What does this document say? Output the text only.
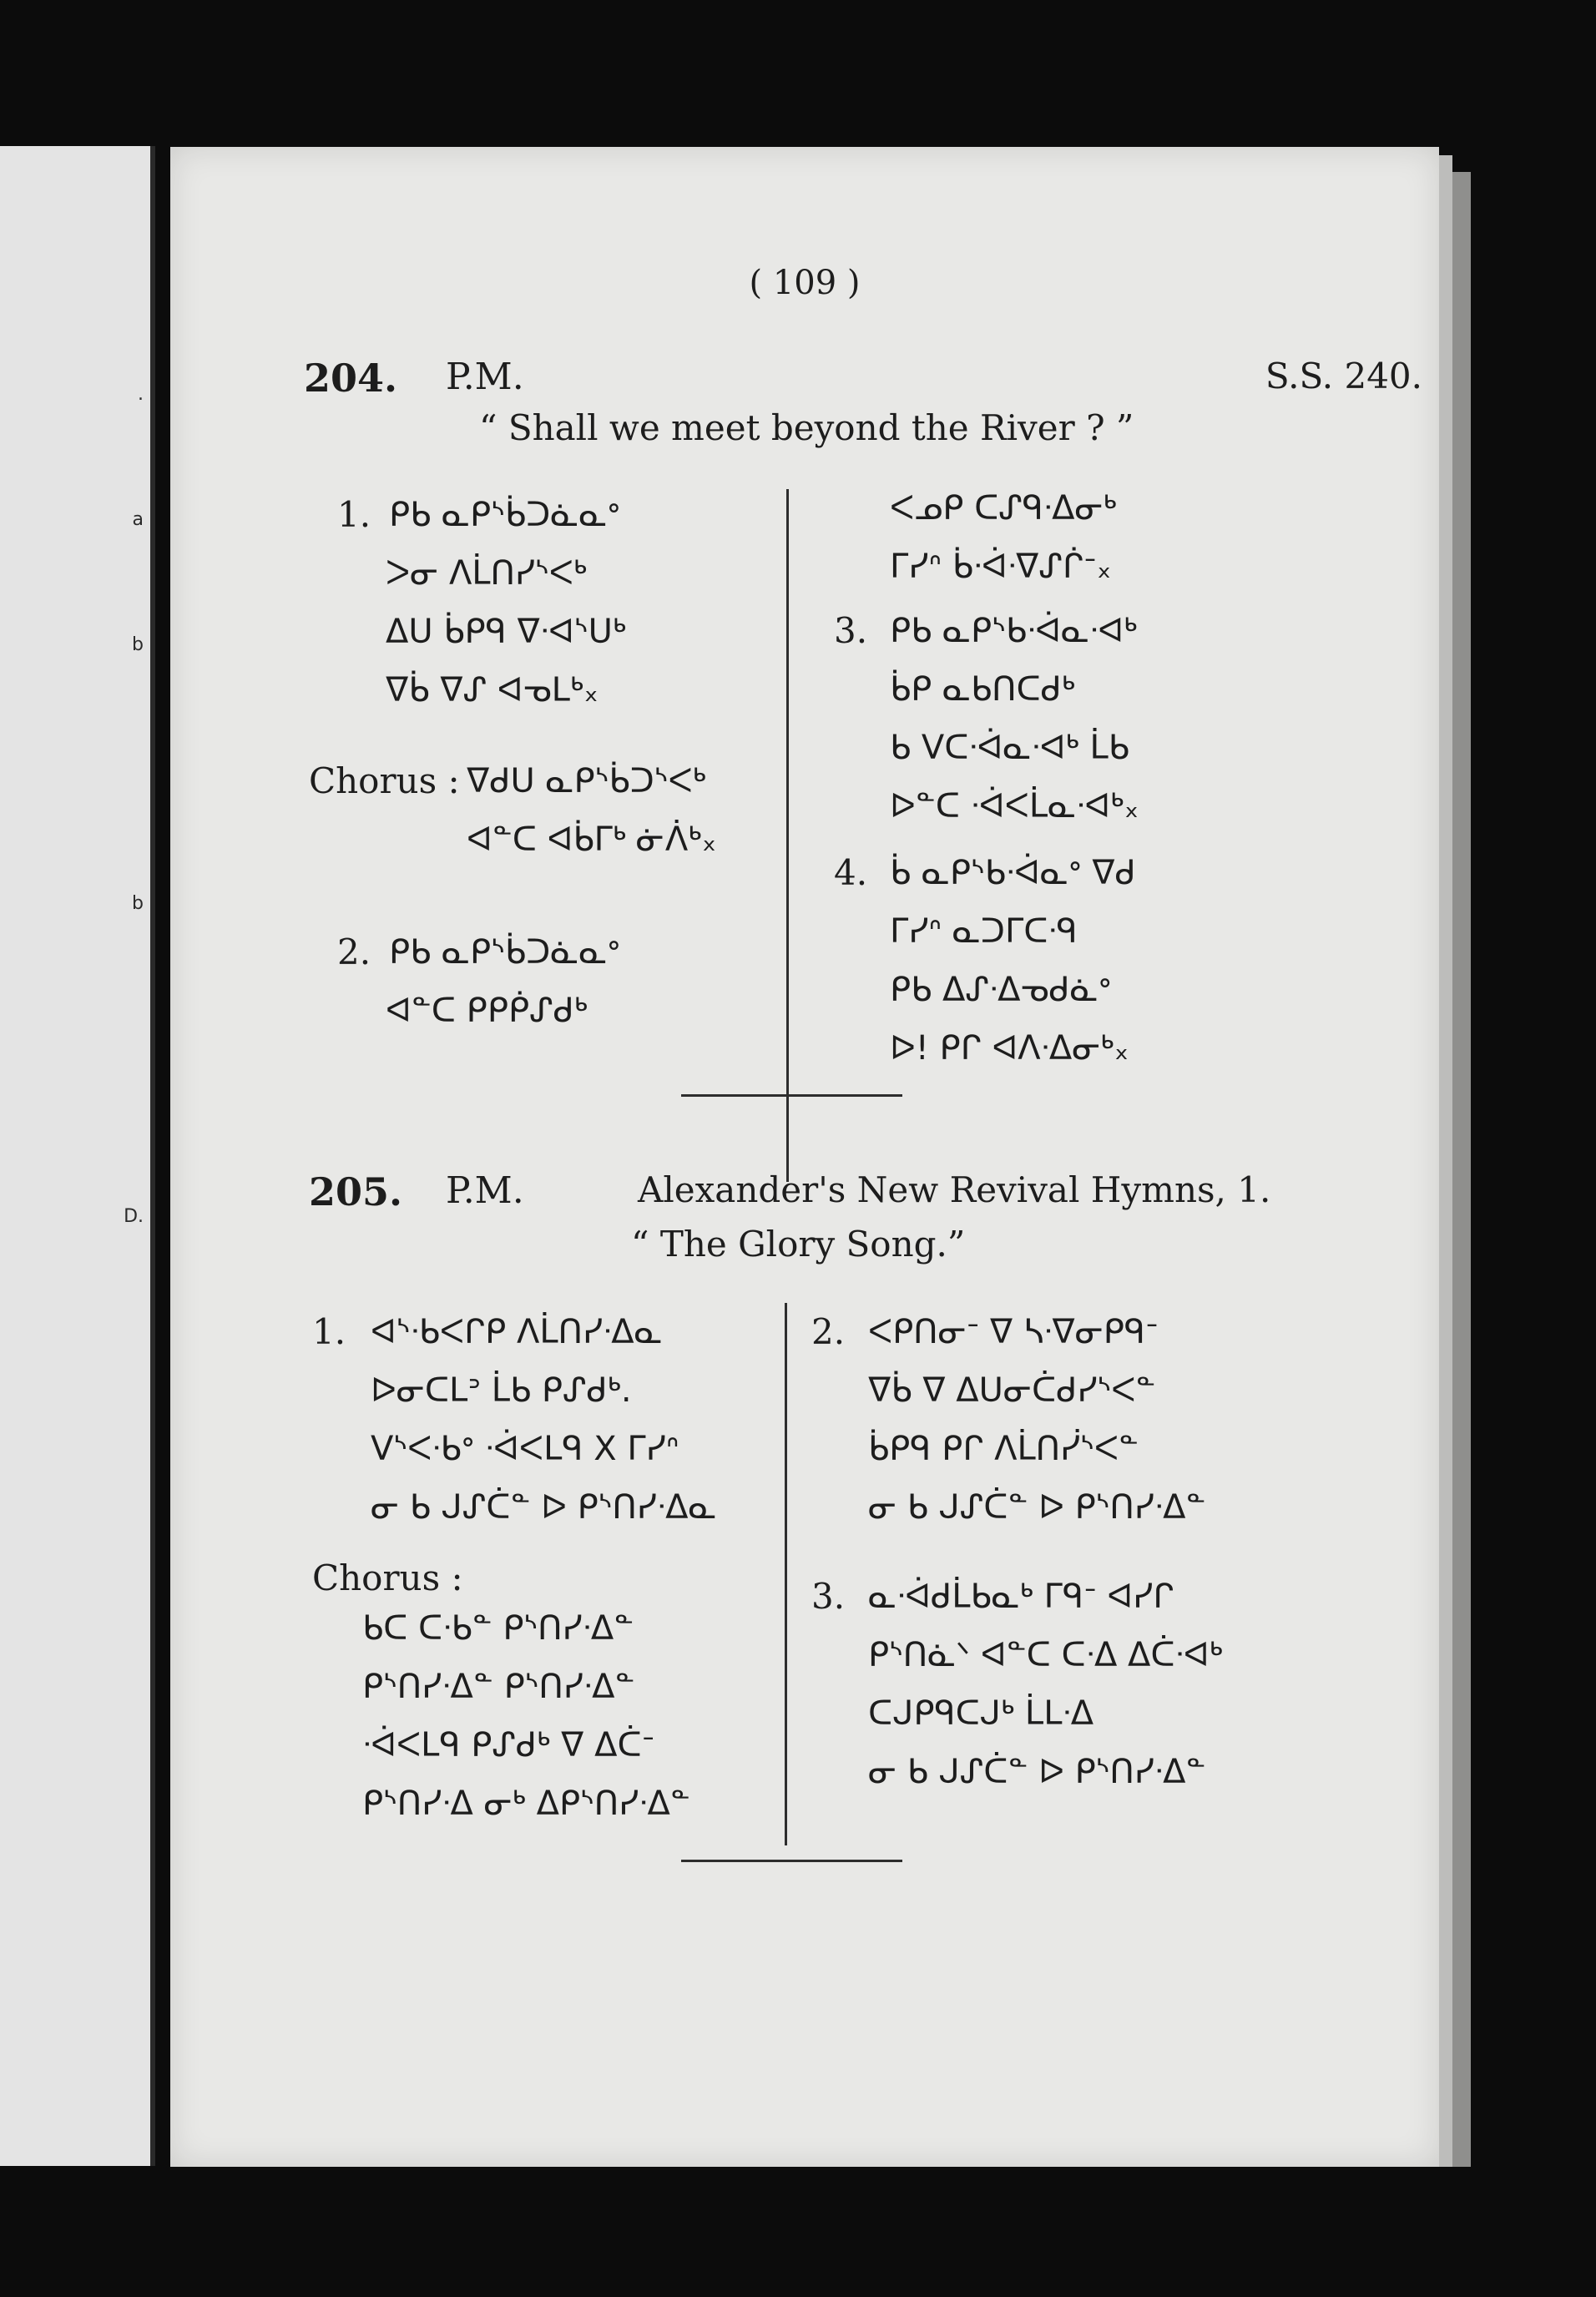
.
a
b
b
D.
( 109 )
204. P.M.	S.S. 240.
“ Shall we meet beyond the River ? ”
1. ᑭᑲ ᓇᑭᔅᑳᑐᓈᓇᐤ
ᐳᓂ ᐱᒫᑎᓯᔅᐸᒃ
ᐃᑌ ᑳᑭᑫ ᐁᐧᐊᔅᑌᒃ
ᐁᑳ ᐁᔑ ᐊᓀᒪᒃₓ
Chorus : ᐁᑯᑌ ᓇᑭᔅᑳᑐᔅᐸᒃ
ᐊᓐᑕ ᐊᑳᒥᒃ ᓃᐲᒃₓ
2. ᑭᑲ ᓇᑭᔅᑳᑐᓈᓇᐤ
ᐊᓐᑕ ᑭᑭᑮᔑᑯᒃ
ᐸᓄᑭ ᑕᔑᑫᐧᐃᓂᒃ
ᒥᓯᐢ ᑳᐧᐋᐧᐁᔑᒌᐨₓ
3. ᑭᑲ ᓇᑭᔅᑲᐧᐋᓇᐧᐊᒃ
ᑳᑭ ᓇᑲᑎᑕᑯᒃ
ᑲ ᐯᑕᐧᐋᓇᐧᐊᒃ ᒫᑲ
ᐅᓐᑕ ᐧᐋᐸᒫᓇᐧᐊᒃₓ
4. ᑳ ᓇᑭᔅᑲᐧᐋᓇᐤ ᐁᑯ
ᒥᓯᐢ ᓇᑐᒥᑕᐧᑫ
ᑭᑲ ᐃᔑᐧᐃᓀᑯᓈᐤ
ᐅ! ᑭᒋ ᐊᐱᐧᐃᓂᒃₓ
205. P.M.	Alexander's New Revival Hymns, 1.
“ The Glory Song.”
1. ᐊᔅᐧᑲᐸᒋᑭ ᐱᒫᑎᓯᐧᐃᓇ
ᐅᓂᑕᒪᐣ ᒫᑲ ᑭᔑᑯᒃ.
ᐯᔅᐸᐧᑲᐤ ᐧᐋᐸᒪᑫ X ᒥᓯᐢ
ᓂ ᑲ ᒍᔑᑖᓐ ᐅ ᑭᔅᑎᓯᐧᐃᓇ
Chorus :
ᑲᑕ ᑕᐧᑲᓐ ᑭᔅᑎᓯᐧᐃᓐ
ᑭᔅᑎᓯᐧᐃᓐ ᑭᔅᑎᓯᐧᐃᓐ
ᐧᐋᐸᒪᑫ ᑭᔑᑯᒃ ᐁ ᐃᑖᐨ
ᑭᔅᑎᓯᐧᐃ ᓂᒃ ᐃᑭᔅᑎᓯᐧᐃᓐ
2. ᐸᑭᑎᓂᐨ ᐁ ᓴᐧᐁᓂᑭᑫᐨ
ᐁᑳ ᐁ ᐃᑌᓂᑖᑯᓯᔅᐸᓐ
ᑳᑭᑫ ᑭᒋ ᐱᒫᑎᓰᔅᐸᓐ
ᓂ ᑲ ᒍᔑᑖᓐ ᐅ ᑭᔅᑎᓯᐧᐃᓐ
3. ᓇᐧᐋᑯᒫᑲᓇᒃ ᒥᑫᐨ ᐊᓯᒋ
ᑭᔅᑎᓈᐠ ᐊᓐᑕ ᑕᐧᐃ ᐃᑖᐧᐊᒃ
ᑕᒍᑭᑫᑕᒍᒃ ᒫᒪᐧᐃ
ᓂ ᑲ ᒍᔑᑖᓐ ᐅ ᑭᔅᑎᓯᐧᐃᓐ
